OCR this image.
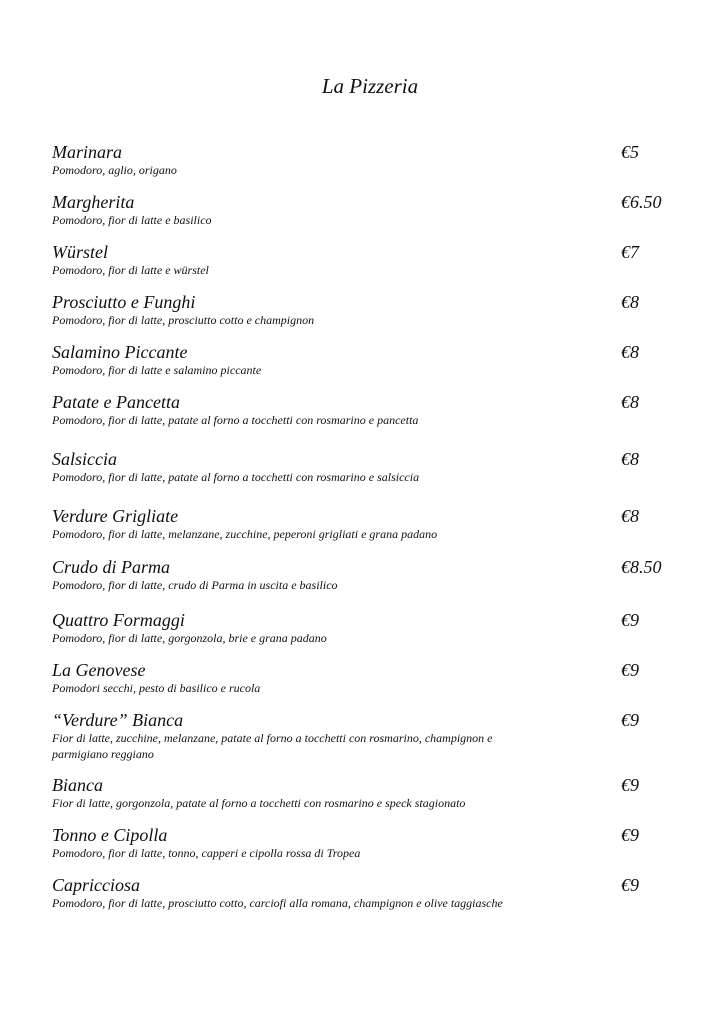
La Pizzeria
Marinara
Pomodoro, aglio, origano
€5
Margherita
Pomodoro, fior di latte e basilico
€6.50
Würstel
Pomodoro, fior di latte e würstel
€7
Prosciutto e Funghi
Pomodoro, fior di latte, prosciutto cotto e champignon
€8
Salamino Piccante
Pomodoro, fior di latte e salamino piccante
€8
Patate e Pancetta
Pomodoro, fior di latte, patate al forno a tocchetti con rosmarino e pancetta
€8
Salsiccia
Pomodoro, fior di latte, patate al forno a tocchetti con rosmarino e salsiccia
€8
Verdure Grigliate
Pomodoro, fior di latte, melanzane, zucchine, peperoni grigliati e grana padano
€8
Crudo di Parma
Pomodoro, fior di latte, crudo di Parma in uscita e basilico
€8.50
Quattro Formaggi
Pomodoro, fior di latte, gorgonzola, brie e grana padano
€9
La Genovese
Pomodori secchi, pesto di basilico e rucola
€9
“Verdure” Bianca
Fior di latte, zucchine, melanzane, patate al forno a tocchetti con rosmarino, champignon e parmigiano reggiano
€9
Bianca
Fior di latte, gorgonzola, patate al forno a tocchetti con rosmarino e speck stagionato
€9
Tonno e Cipolla
Pomodoro, fior di latte, tonno, capperi e cipolla rossa di Tropea
€9
Capricciosa
Pomodoro, fior di latte, prosciutto cotto, carciofi alla romana, champignon e olive taggiasche
€9
